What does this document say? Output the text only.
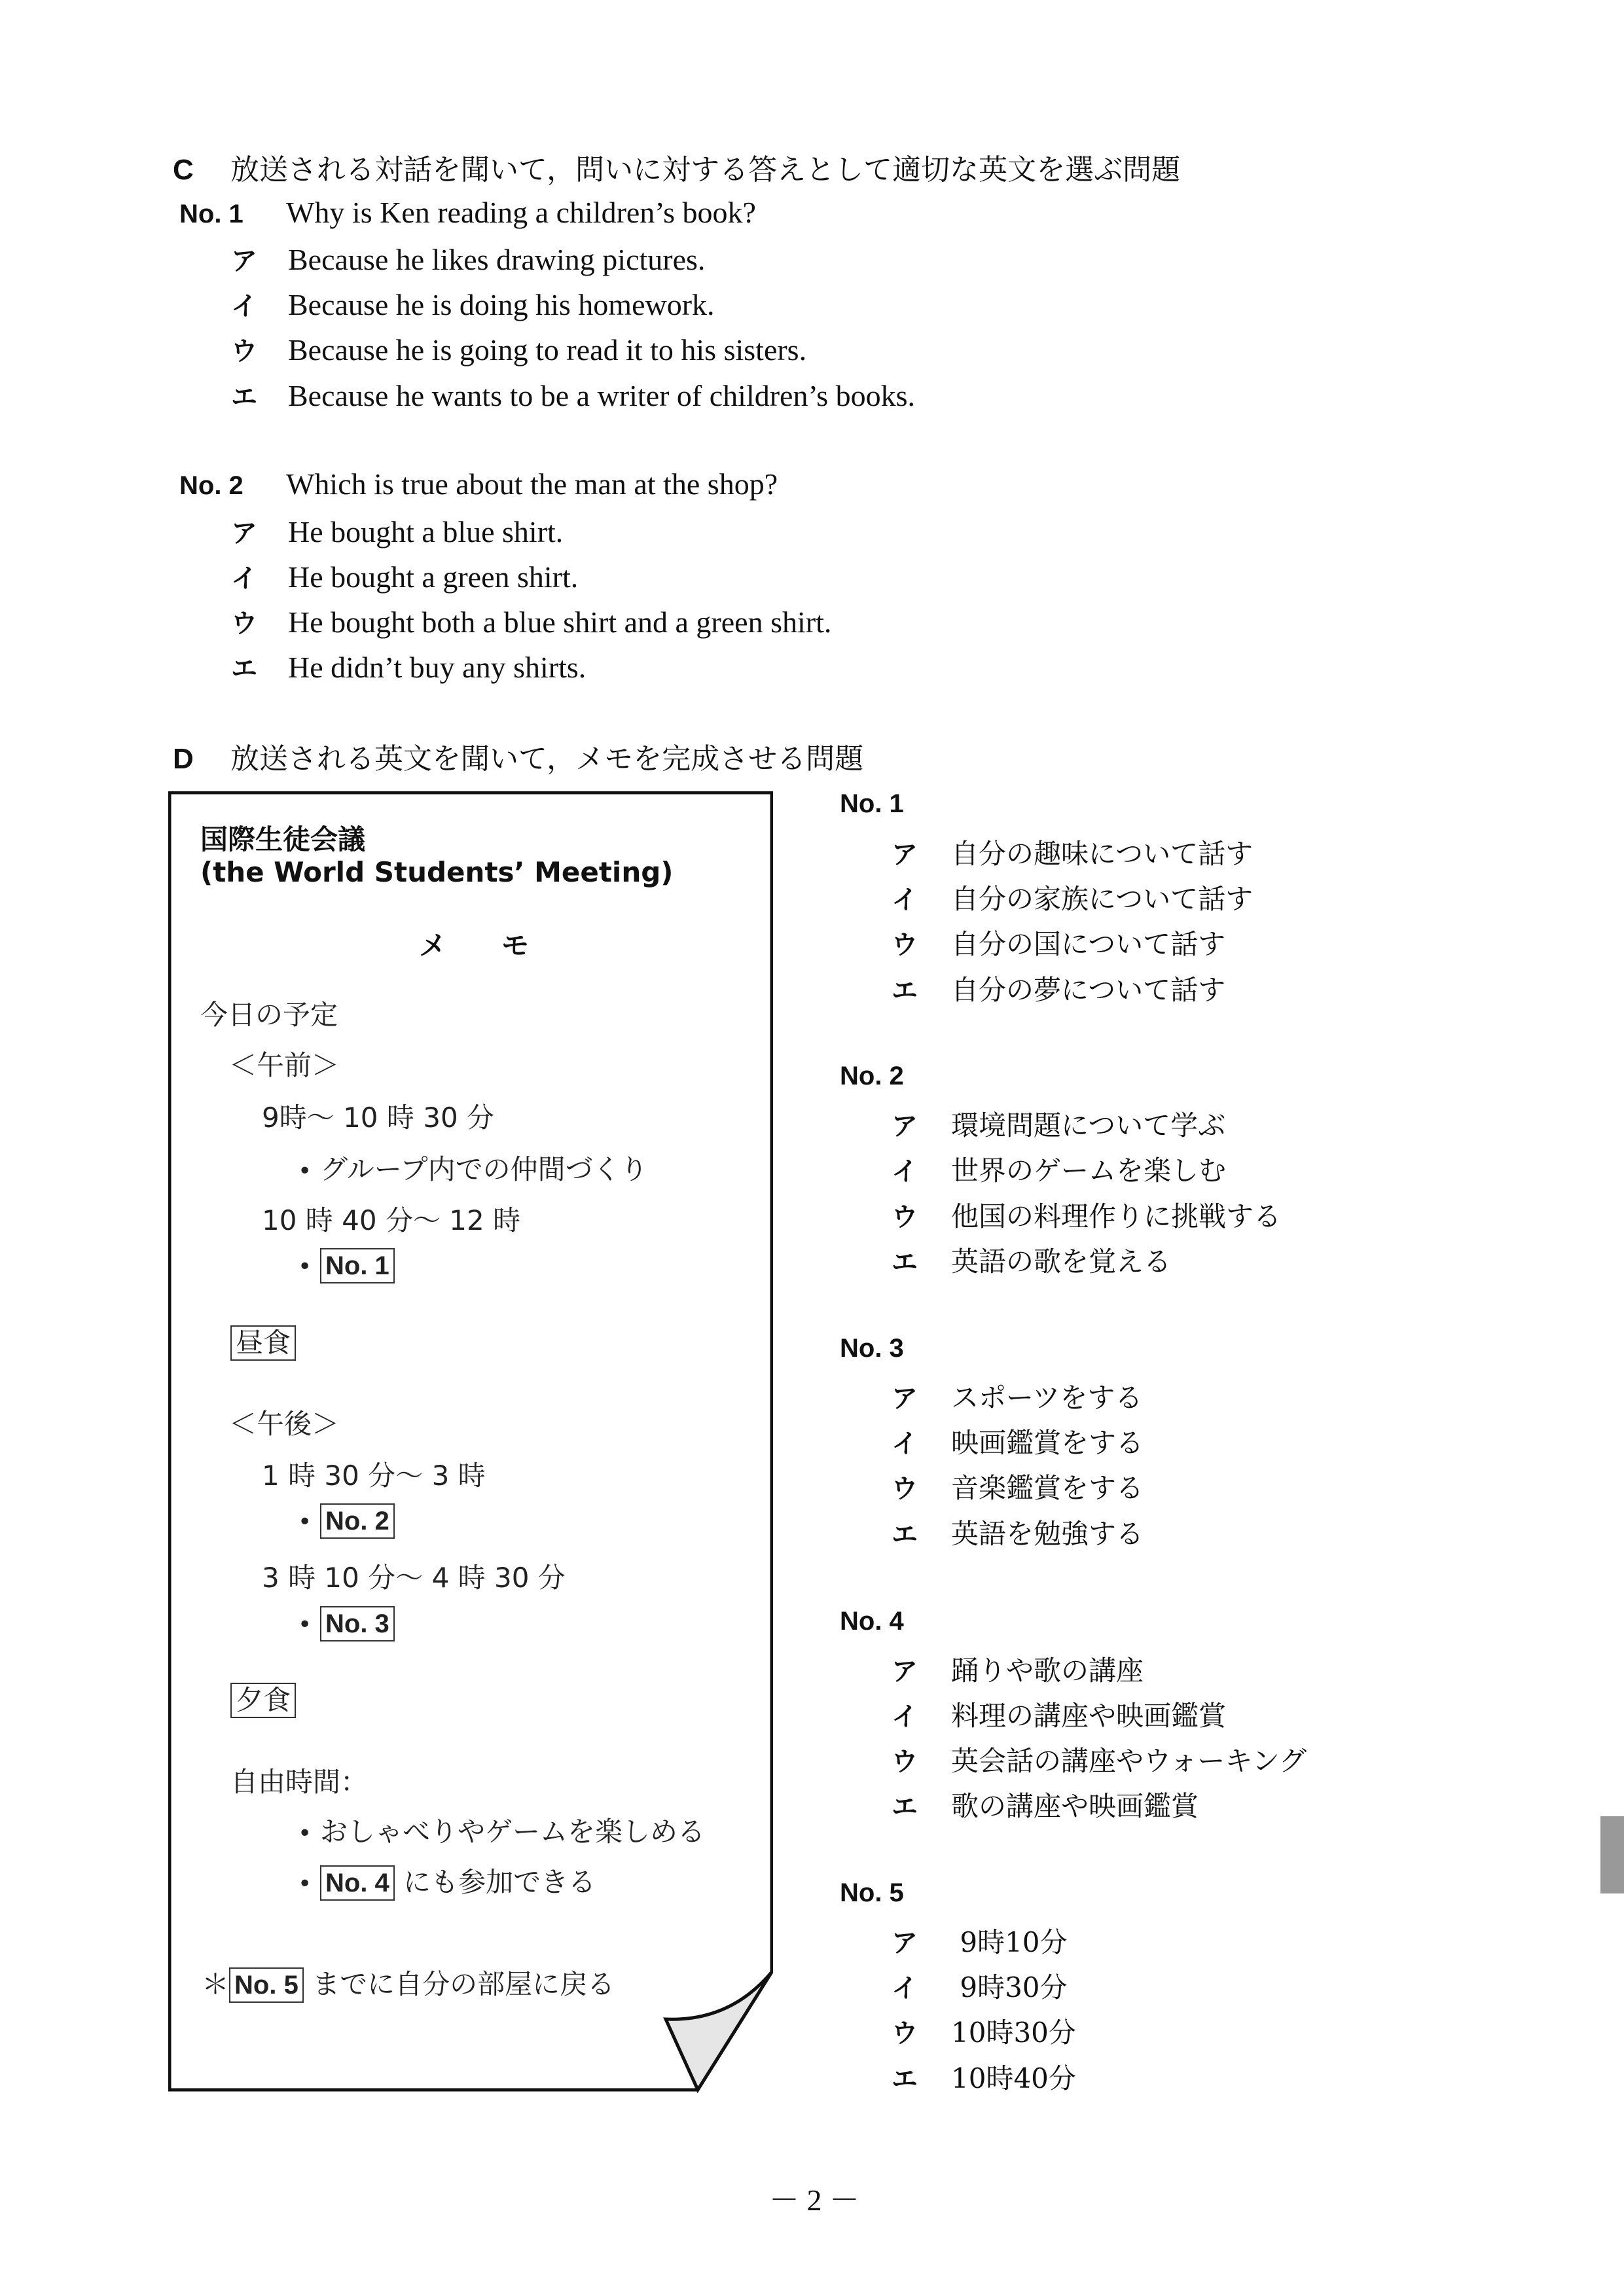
C 放送される対話を聞いて，問いに対する答えとして適切な英文を選ぶ問題
No. 1 Why is Ken reading a children’s book?
ア Because he likes drawing pictures.
イ Because he is doing his homework.
ウ Because he is going to read it to his sisters.
エ Because he wants to be a writer of children’s books.
No. 2 Which is true about the man at the shop?
ア He bought a blue shirt.
イ He bought a green shirt.
ウ He bought both a blue shirt and a green shirt.
エ He didn’t buy any shirts.
D 放送される英文を聞いて，メモを完成させる問題
国際生徒会議
(the World Students’ Meeting)
メ　　モ
今日の予定
＜午前＞
9時～ 10 時 30 分
• グループ内での仲間づくり
10 時 40 分～ 12 時
• No. 1
昼食
＜午後＞
1 時 30 分～ 3 時
• No. 2
3 時 10 分～ 4 時 30 分
• No. 3
夕食
自由時間：
• おしゃべりやゲームを楽しめる
• No. 4 にも参加できる
＊ No. 5 までに自分の部屋に戻る
No. 1
ア 自分の趣味について話す
イ 自分の家族について話す
ウ 自分の国について話す
エ 自分の夢について話す
No. 2
ア 環境問題について学ぶ
イ 世界のゲームを楽しむ
ウ 他国の料理作りに挑戦する
エ 英語の歌を覚える
No. 3
ア スポーツをする
イ 映画鑑賞をする
ウ 音楽鑑賞をする
エ 英語を勉強する
No. 4
ア 踊りや歌の講座
イ 料理の講座や映画鑑賞
ウ 英会話の講座やウォーキング
エ 歌の講座や映画鑑賞
No. 5
ア 9時10分
イ 9時30分
ウ 10時30分
エ 10時40分
－ 2 －
